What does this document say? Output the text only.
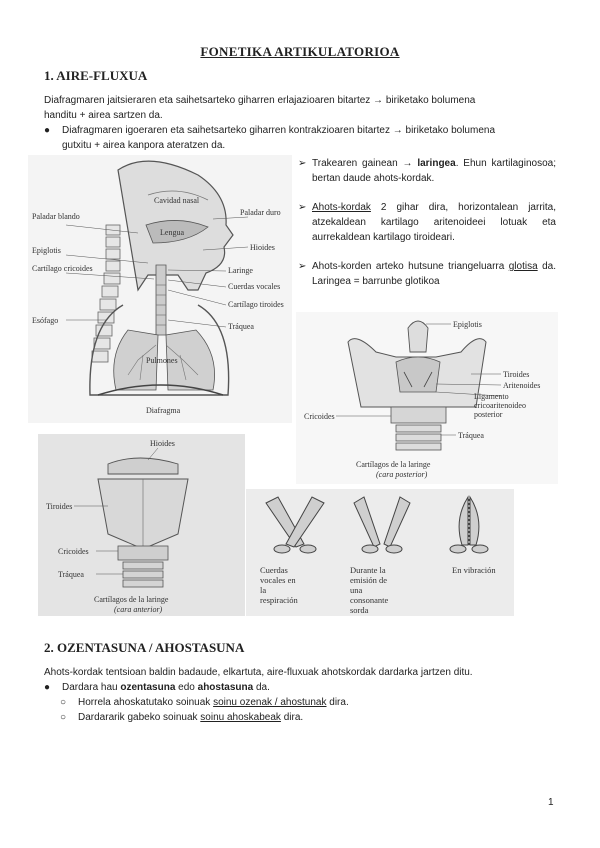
FONETIKA ARTIKULATORIOA
1. AIRE-FLUXUA
Diafragmaren jaitsieraren eta saihetsarteko giharren erlajazioaren bitartez → biriketako bolumena
handitu + airea sartzen da.
● Diafragmaren igoeraren eta saihetsarteko giharren kontrakzioaren bitartez → biriketako bolumena
gutxitu + airea kanpora ateratzen da.
➢ Trakearen gainean → laringea. Ehun kartilaginosoa; bertan daude ahots-kordak.
➢ Ahots-kordak 2 gihar dira, horizontalean jarrita, atzekaldean kartilago aritenoideei lotuak eta aurrekaldean kartilago tiroideari.
➢ Ahots-korden arteko hutsune triangeluarra glotisa da. Laringea = barrunbe glotikoa
Paladar blando
Cavidad nasal
Paladar duro
Lengua
Epiglotis	Hioides
Cartílago cricoides	Laringe
Cuerdas vocales
Cartílago tiroides
Esófago
Tráquea
Pulmones
Diafragma
Epiglotis
Tiroides
Aritenoides
Ligamento cricoaritenoideo posterior
Cricoides
Tráquea
Cartílagos de la laringe
(cara posterior)
Hioides
Tiroides
Cricoides
Tráquea
Cartílagos de la laringe
(cara anterior)
Cuerdas vocales en la respiración
Durante la emisión de una consonante sorda
En vibración
2. OZENTASUNA / AHOSTASUNA
Ahots-kordak tentsioan baldin badaude, elkartuta, aire-fluxuak ahotskordak dardarka jartzen ditu.
● Dardara hau ozentasuna edo ahostasuna da.
○ Horrela ahoskatutako soinuak soinu ozenak / ahostunak dira.
○ Dardararik gabeko soinuak soinu ahoskabeak dira.
1
